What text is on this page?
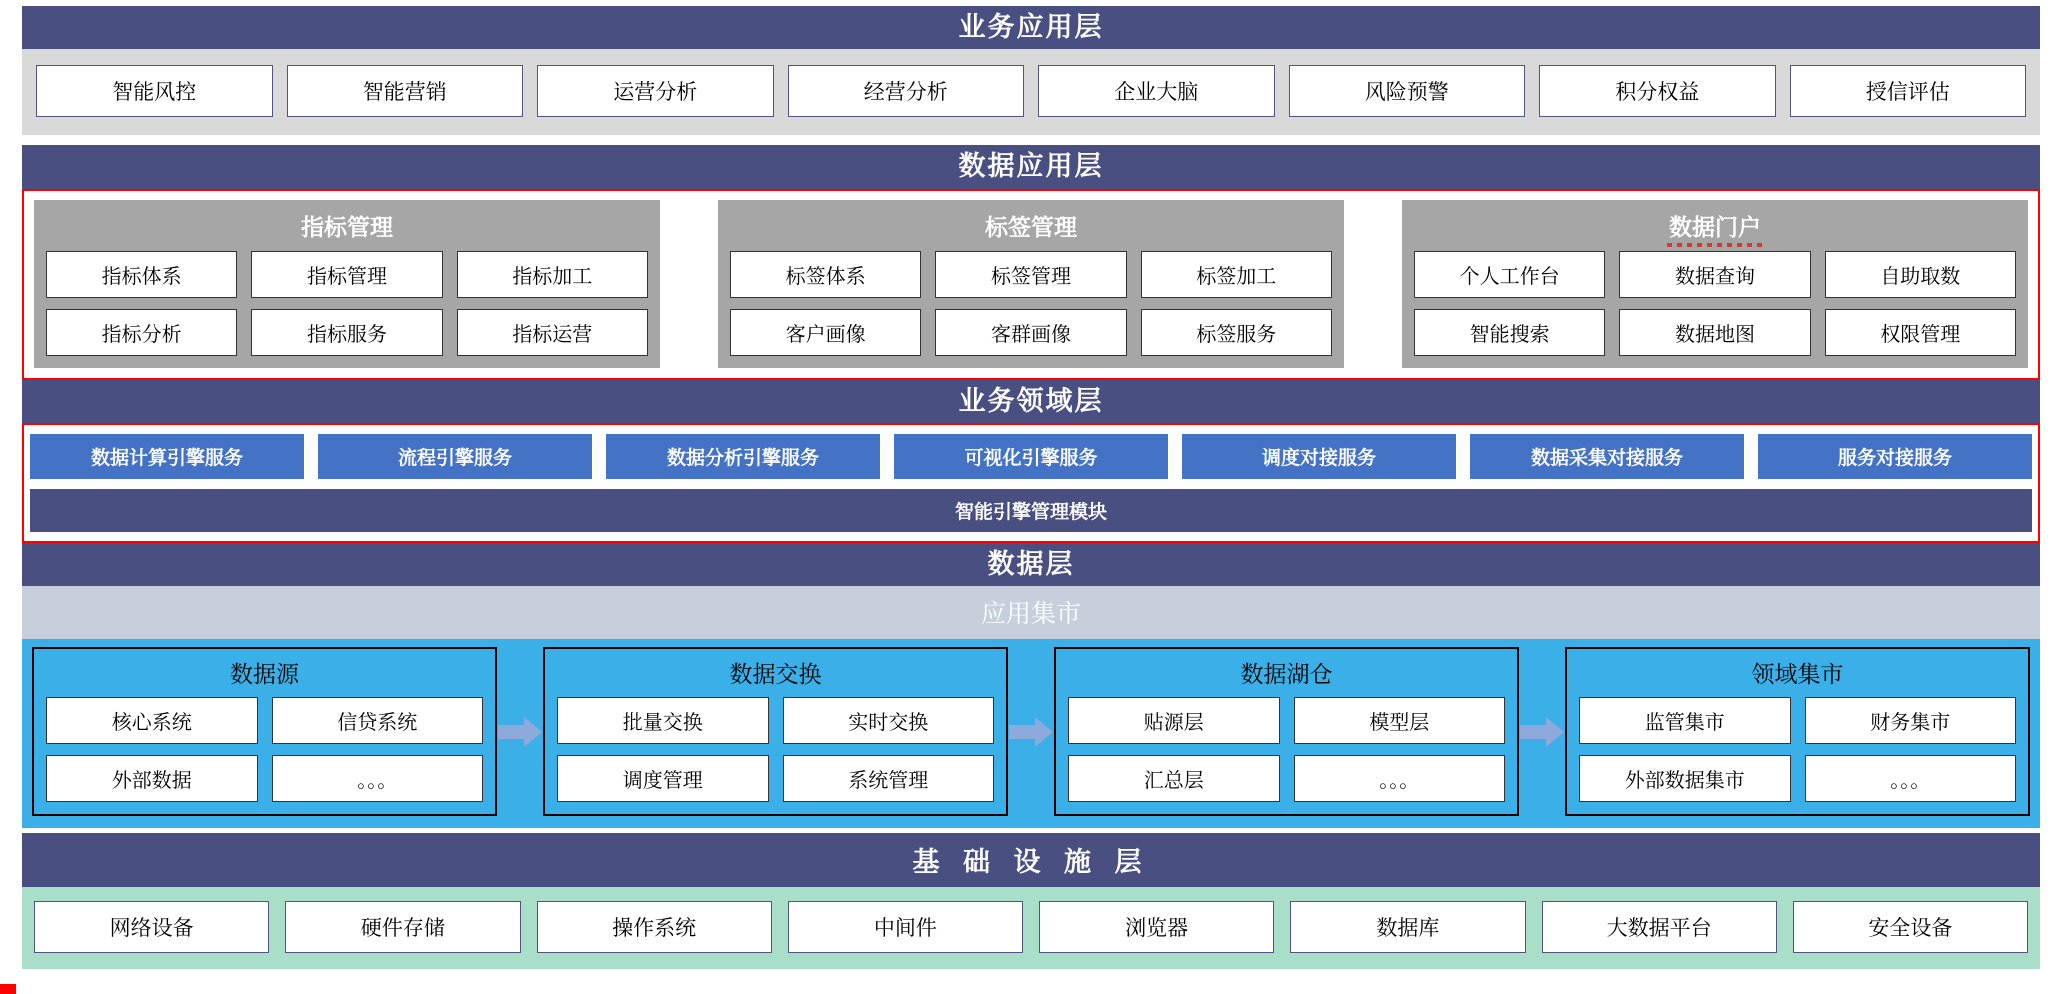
业务应用层
智能风控	智能营销	运营分析	经营分析	企业大脑	风险预警	积分权益	授信评估
数据应用层
指标管理
指标体系	指标管理	指标加工
指标分析	指标服务	指标运营
标签管理
标签体系	标签管理	标签加工
客户画像	客群画像	标签服务
数据门户
个人工作台	数据查询	自助取数
智能搜索	数据地图	权限管理
业务领域层
数据计算引擎服务	流程引擎服务	数据分析引擎服务	可视化引擎服务	调度对接服务	数据采集对接服务	服务对接服务
智能引擎管理模块
数据层
应用集市
数据源
核心系统	信贷系统
外部数据	。。。
数据交换
批量交换	实时交换
调度管理	系统管理
数据湖仓
贴源层	模型层
汇总层	。。。
领域集市
监管集市	财务集市
外部数据集市	。。。
基 础 设 施 层
网络设备	硬件存储	操作系统	中间件	浏览器	数据库	大数据平台	安全设备
